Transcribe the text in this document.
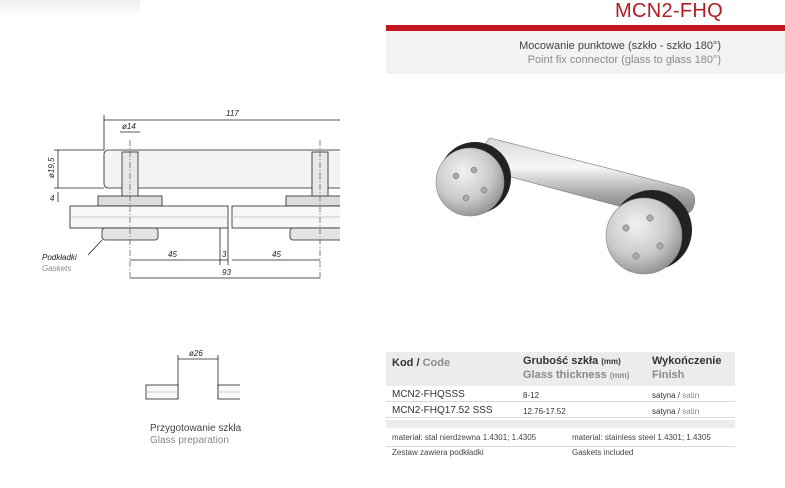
MCN2-FHQ
Mocowanie punktowe (szkło - szkło 180°)
Point fix connector (glass to glass 180°)
117
ø14
ø19,5
4
45	3	45
93
Podkładki
Gaskets
ø26
Przygotowanie szkła
Glass preparation
Kod / Code	Grubość szkła (mm)
Glass thickness (mm)
Wykończenie
Finish
MCN2-FHQSSS	8-12	satyna / satin
MCN2-FHQ17.52 SSS	12.76-17.52	satyna / satin
materiał: stal nierdzewna 1.4301; 1.4305	material: stainless steel 1.4301; 1.4305
Zestaw zawiera podkładki	Gaskets included
